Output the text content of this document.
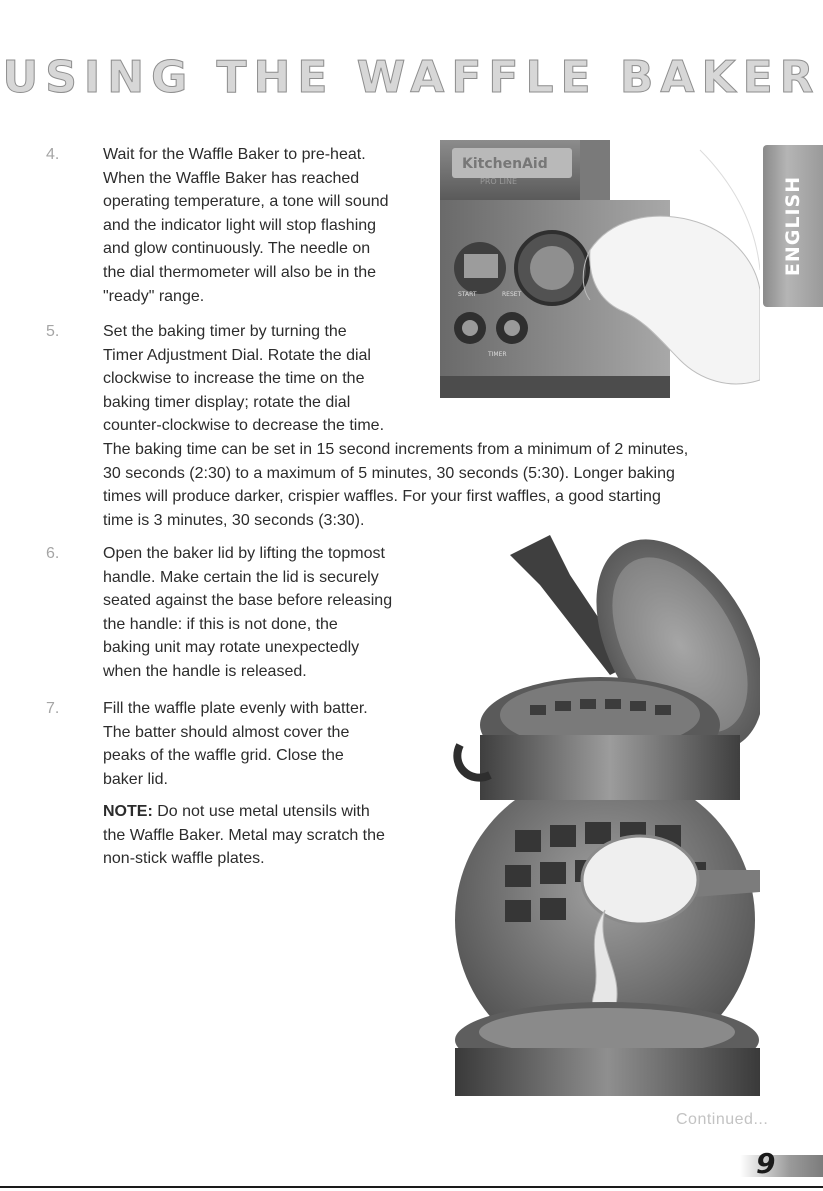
USING THE WAFFLE BAKER
ENGLISH
4.	Wait for the Waffle Baker to pre-heat.
When the Waffle Baker has reached
operating temperature, a tone will sound
and the indicator light will stop flashing
and glow continuously. The needle on
the dial thermometer will also be in the
"ready" range.
5.	Set the baking timer by turning the
Timer Adjustment Dial. Rotate the dial
clockwise to increase the time on the
baking timer display; rotate the dial
counter-clockwise to decrease the time.
The baking time can be set in 15 second increments from a minimum of 2 minutes,
30 seconds (2:30) to a maximum of 5 minutes, 30 seconds (5:30). Longer baking
times will produce darker, crispier waffles. For your first waffles, a good starting
time is 3 minutes, 30 seconds (3:30).
6.	Open the baker lid by lifting the topmost
handle. Make certain the lid is securely
seated against the base before releasing
the handle: if this is not done, the
baking unit may rotate unexpectedly
when the handle is released.
7.	Fill the waffle plate evenly with batter.
The batter should almost cover the
peaks of the waffle grid. Close the
baker lid.
NOTE: Do not use metal utensils with
the Waffle Baker. Metal may scratch the
non-stick waffle plates.
KitchenAid
PRO LINE
START	RESET
TIMER
Continued...
9
